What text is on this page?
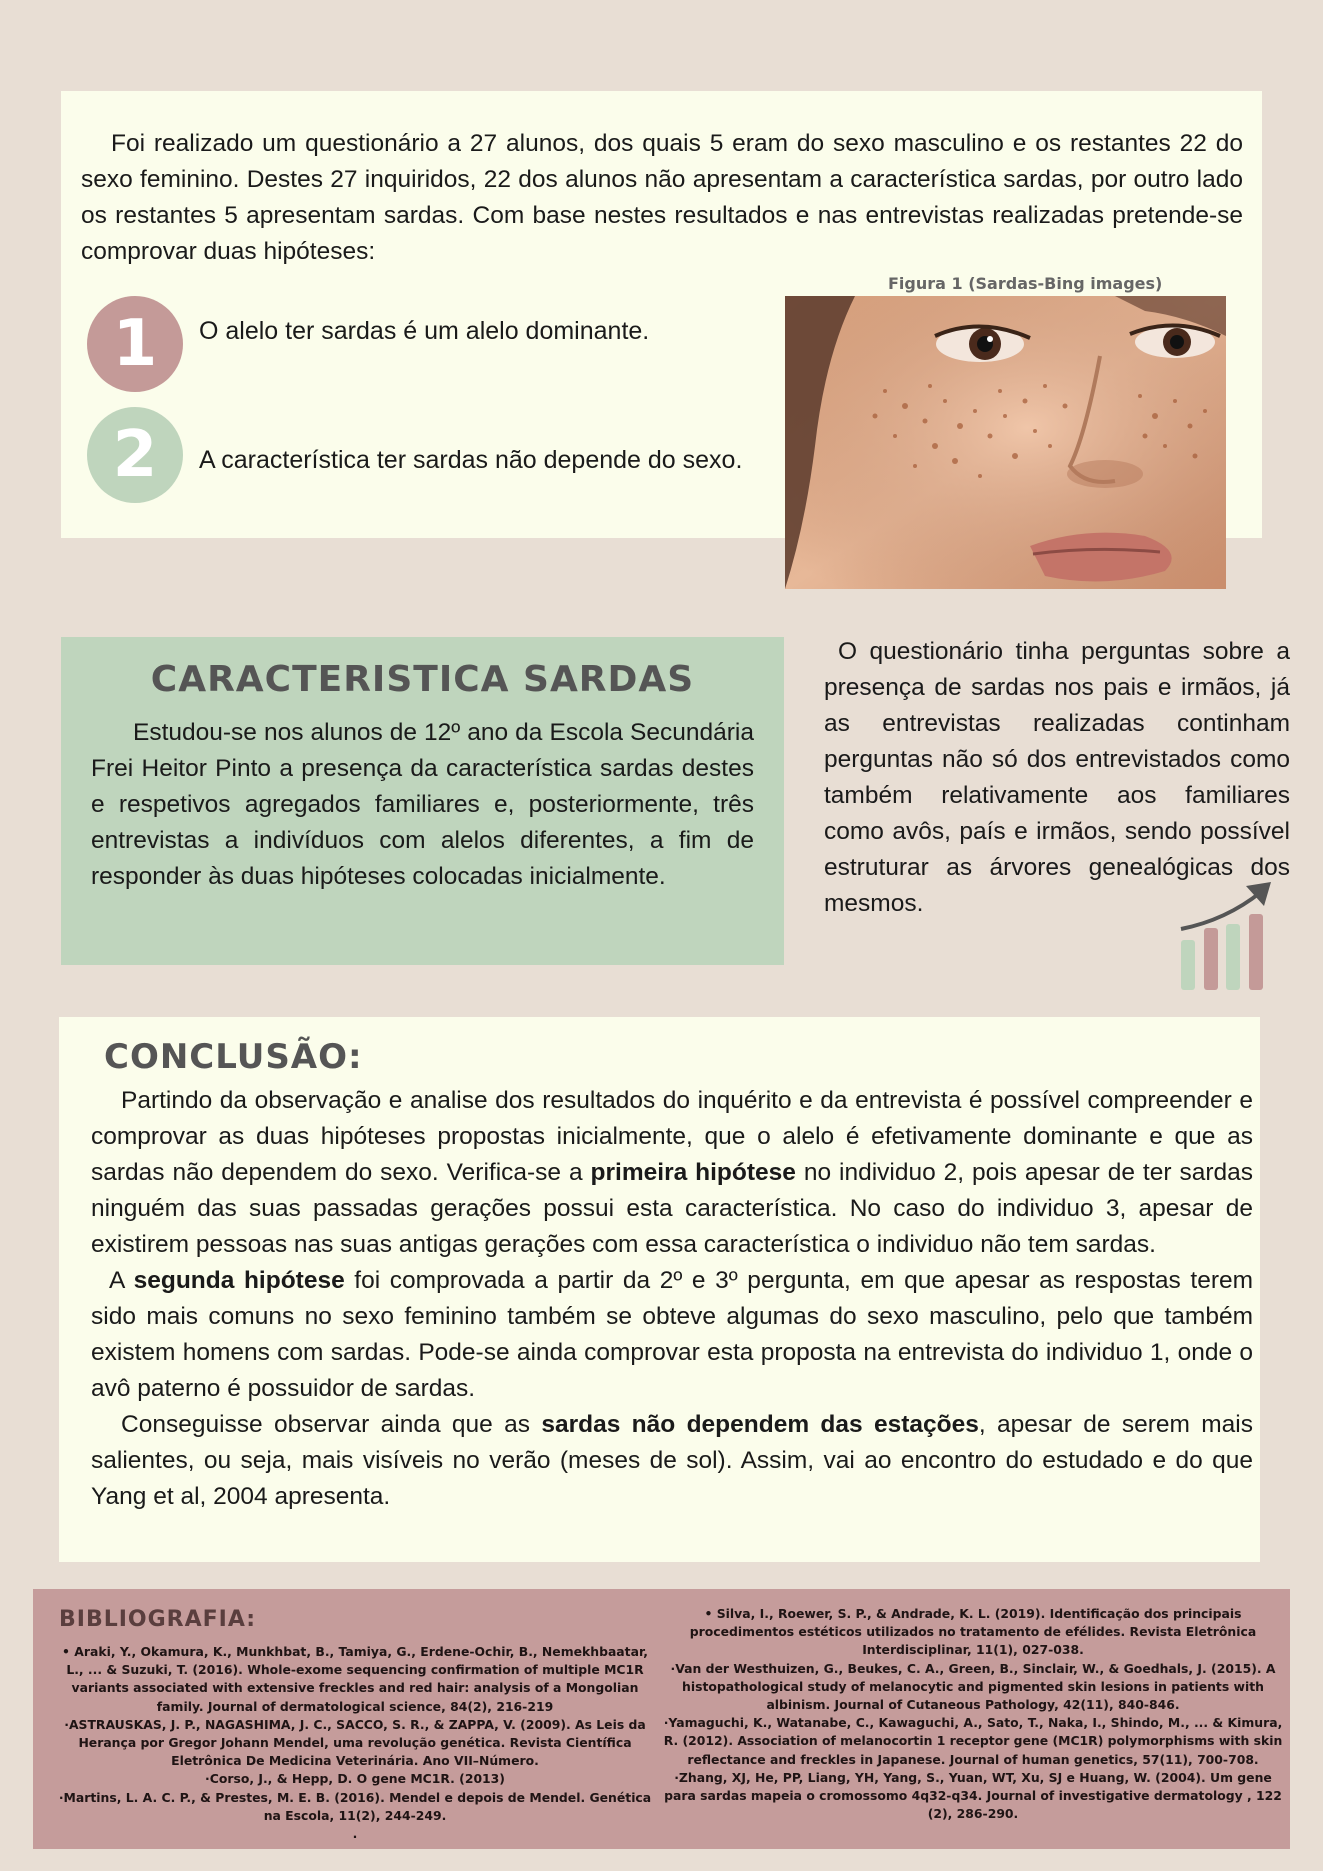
Foi realizado um questionário a 27 alunos, dos quais 5 eram do sexo masculino e os restantes 22 do sexo feminino. Destes 27 inquiridos, 22 dos alunos não apresentam a característica sardas, por outro lado os restantes 5 apresentam sardas. Com base nestes resultados e nas entrevistas realizadas pretende-se comprovar duas hipóteses:

1 O alelo ter sardas é um alelo dominante.
2 A característica ter sardas não depende do sexo.
Figura 1 (Sardas-Bing images)
CARACTERISTICA SARDAS

Estudou-se nos alunos de 12º ano da Escola Secundária Frei Heitor Pinto a presença da característica sardas destes e respetivos agregados familiares e, posteriormente, três entrevistas a indivíduos com alelos diferentes, a fim de responder às duas hipóteses colocadas inicialmente.

O questionário tinha perguntas sobre a presença de sardas nos pais e irmãos, já as entrevistas realizadas continham perguntas não só dos entrevistados como também relativamente aos familiares como avôs, país e irmãos, sendo possível estruturar as árvores genealógicas dos mesmos.

CONCLUSÃO:

Partindo da observação e analise dos resultados do inquérito e da entrevista é possível compreender e comprovar as duas hipóteses propostas inicialmente, que o alelo é efetivamente dominante e que as sardas não dependem do sexo. Verifica-se a primeira hipótese no individuo 2, pois apesar de ter sardas ninguém das suas passadas gerações possui esta característica. No caso do individuo 3, apesar de existirem pessoas nas suas antigas gerações com essa característica o individuo não tem sardas.

A segunda hipótese foi comprovada a partir da 2º e 3º pergunta, em que apesar as respostas terem sido mais comuns no sexo feminino também se obteve algumas do sexo masculino, pelo que também existem homens com sardas. Pode-se ainda comprovar esta proposta na entrevista do individuo 1, onde o avô paterno é possuidor de sardas.

Conseguisse observar ainda que as sardas não dependem das estações, apesar de serem mais salientes, ou seja, mais visíveis no verão (meses de sol). Assim, vai ao encontro do estudado e do que Yang et al, 2004 apresenta.

BIBLIOGRAFIA:

• Araki, Y., Okamura, K., Munkhbat, B., Tamiya, G., Erdene-Ochir, B., Nemekhbaatar, L., ... & Suzuki, T. (2016). Whole-exome sequencing confirmation of multiple MC1R variants associated with extensive freckles and red hair: analysis of a Mongolian family. Journal of dermatological science, 84(2), 216-219

·ASTRAUSKAS, J. P., NAGASHIMA, J. C., SACCO, S. R., & ZAPPA, V. (2009). As Leis da Herança por Gregor Johann Mendel, uma revolução genética. Revista Científica Eletrônica De Medicina Veterinária. Ano VII–Número.

·Corso, J., & Hepp, D. O gene MC1R. (2013)

·Martins, L. A. C. P., & Prestes, M. E. B. (2016). Mendel e depois de Mendel. Genética na Escola, 11(2), 244-249.

.

• Silva, I., Roewer, S. P., & Andrade, K. L. (2019). Identificação dos principais procedimentos estéticos utilizados no tratamento de efélides. Revista Eletrônica Interdisciplinar, 11(1), 027-038.

·Van der Westhuizen, G., Beukes, C. A., Green, B., Sinclair, W., & Goedhals, J. (2015). A histopathological study of melanocytic and pigmented skin lesions in patients with albinism. Journal of Cutaneous Pathology, 42(11), 840-846.

·Yamaguchi, K., Watanabe, C., Kawaguchi, A., Sato, T., Naka, I., Shindo, M., ... & Kimura, R. (2012). Association of melanocortin 1 receptor gene (MC1R) polymorphisms with skin reflectance and freckles in Japanese. Journal of human genetics, 57(11), 700-708.

·Zhang, XJ, He, PP, Liang, YH, Yang, S., Yuan, WT, Xu, SJ e Huang, W. (2004). Um gene para sardas mapeia o cromossomo 4q32-q34. Journal of investigative dermatology , 122 (2), 286-290.
